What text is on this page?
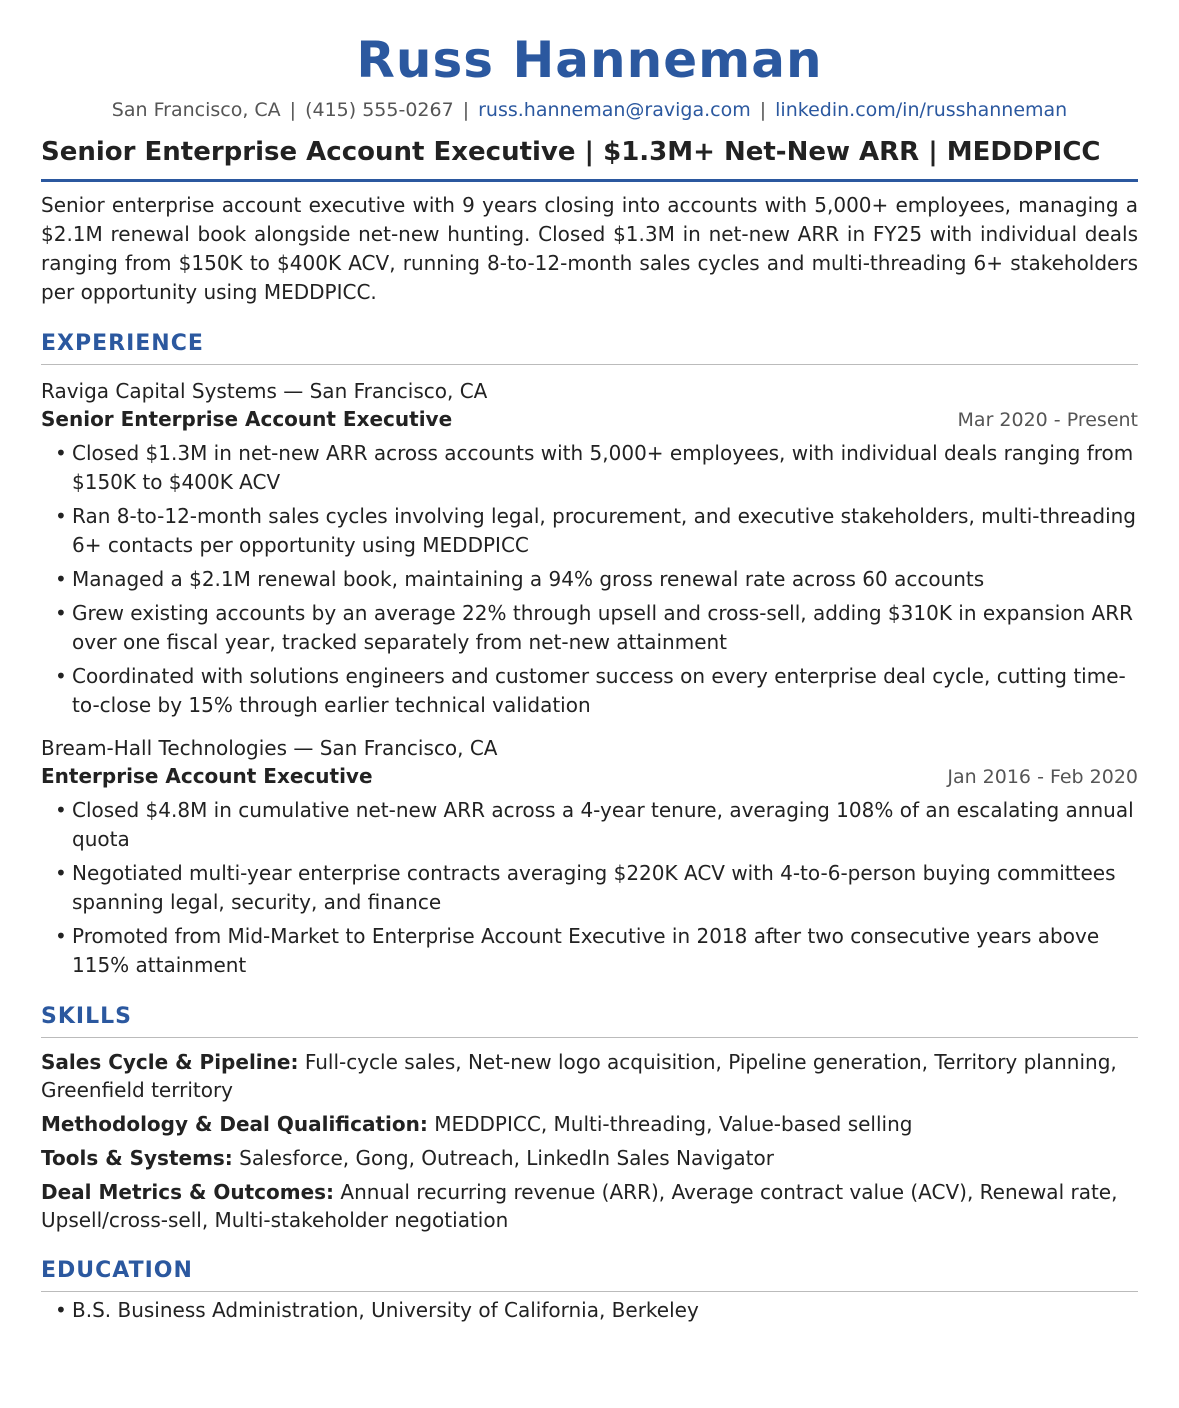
Russ Hanneman
San Francisco, CA | (415) 555-0267 | russ.hanneman@raviga.com | linkedin.com/in/russhanneman
Senior Enterprise Account Executive | $1.3M+ Net-New ARR | MEDDPICC
Senior enterprise account executive with 9 years closing into accounts with 5,000+ employees, managing a $2.1M renewal book alongside net-new hunting. Closed $1.3M in net-new ARR in FY25 with individual deals ranging from $150K to $400K ACV, running 8-to-12-month sales cycles and multi-threading 6+ stakeholders per opportunity using MEDDPICC.
EXPERIENCE
Raviga Capital Systems — San Francisco, CA
Senior Enterprise Account Executive	Mar 2020 - Present
• Closed $1.3M in net-new ARR across accounts with 5,000+ employees, with individual deals ranging from $150K to $400K ACV
• Ran 8-to-12-month sales cycles involving legal, procurement, and executive stakeholders, multi-threading 6+ contacts per opportunity using MEDDPICC
• Managed a $2.1M renewal book, maintaining a 94% gross renewal rate across 60 accounts
• Grew existing accounts by an average 22% through upsell and cross-sell, adding $310K in expansion ARR over one fiscal year, tracked separately from net-new attainment
• Coordinated with solutions engineers and customer success on every enterprise deal cycle, cutting time-to-close by 15% through earlier technical validation
Bream-Hall Technologies — San Francisco, CA
Enterprise Account Executive	Jan 2016 - Feb 2020
• Closed $4.8M in cumulative net-new ARR across a 4-year tenure, averaging 108% of an escalating annual quota
• Negotiated multi-year enterprise contracts averaging $220K ACV with 4-to-6-person buying committees spanning legal, security, and finance
• Promoted from Mid-Market to Enterprise Account Executive in 2018 after two consecutive years above 115% attainment
SKILLS
Sales Cycle & Pipeline: Full-cycle sales, Net-new logo acquisition, Pipeline generation, Territory planning, Greenfield territory
Methodology & Deal Qualification: MEDDPICC, Multi-threading, Value-based selling
Tools & Systems: Salesforce, Gong, Outreach, LinkedIn Sales Navigator
Deal Metrics & Outcomes: Annual recurring revenue (ARR), Average contract value (ACV), Renewal rate, Upsell/cross-sell, Multi-stakeholder negotiation
EDUCATION
• B.S. Business Administration, University of California, Berkeley
